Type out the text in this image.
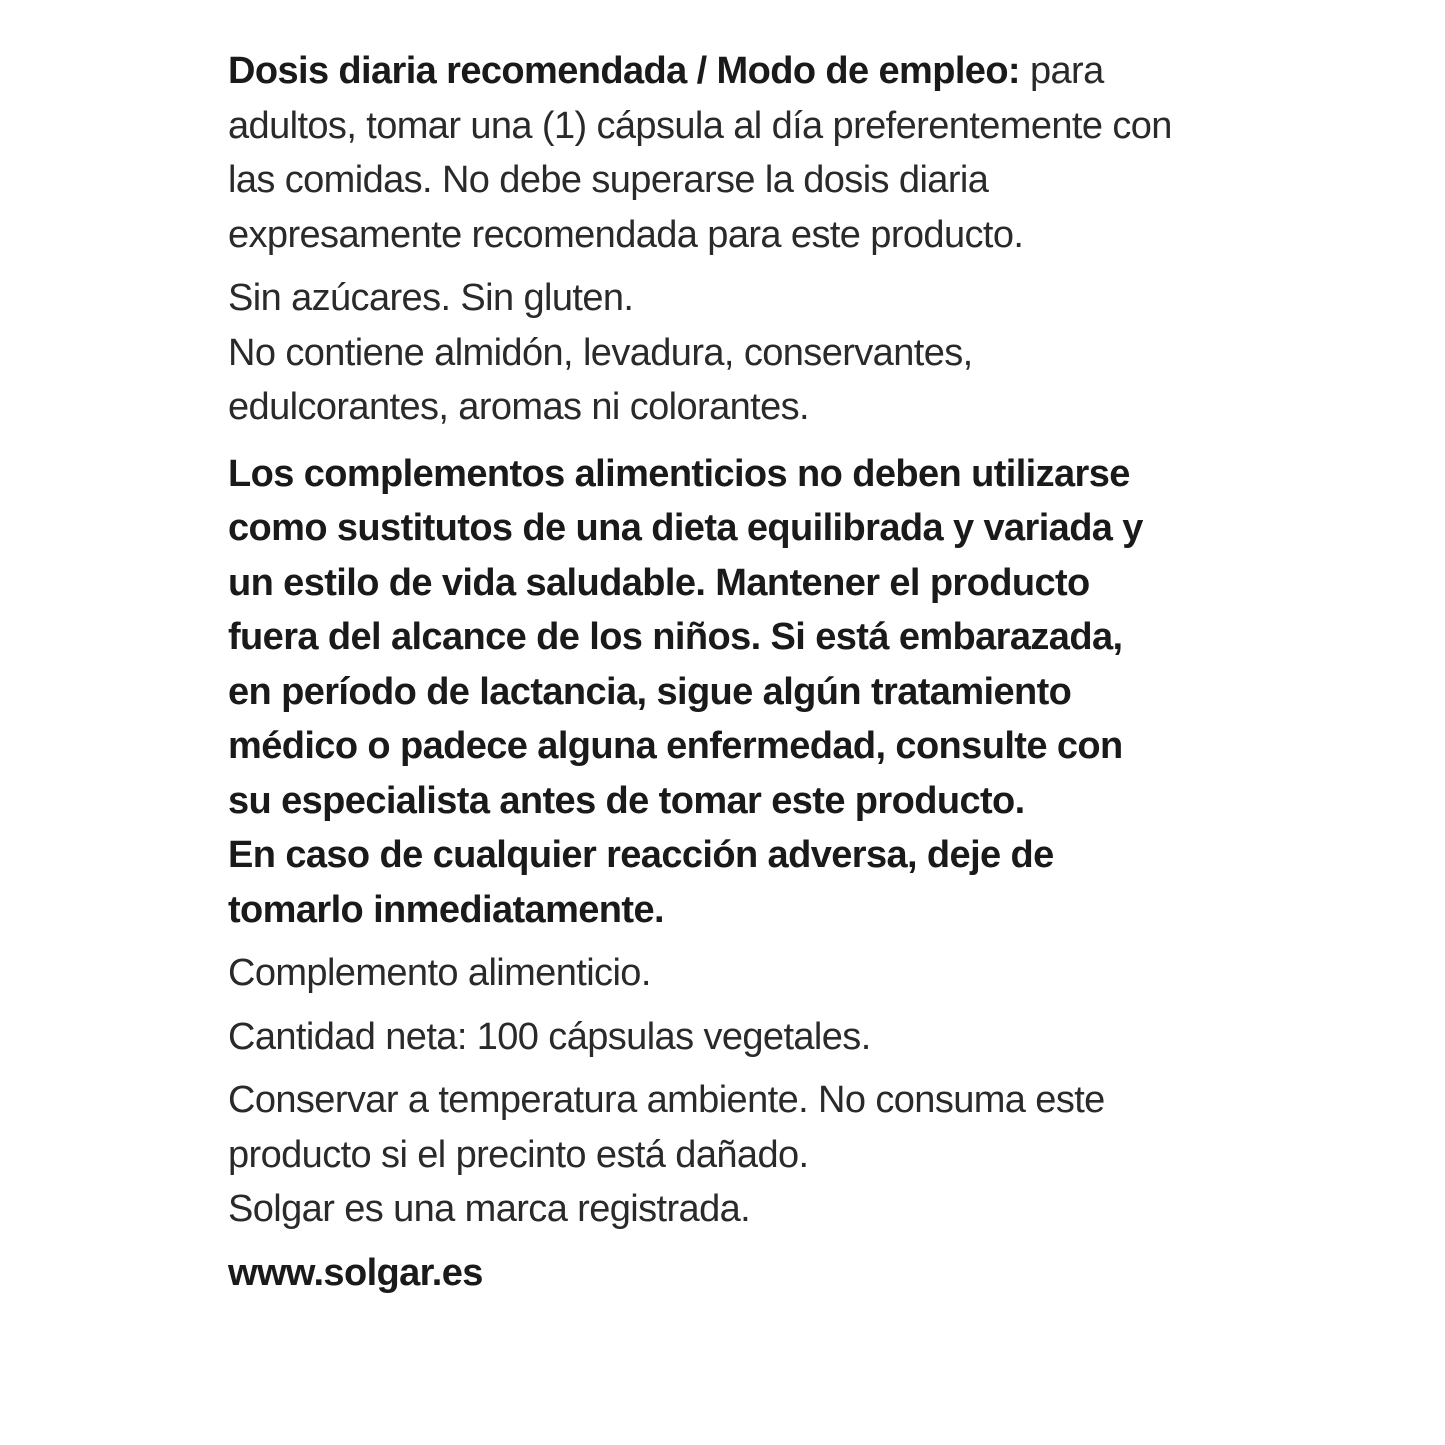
Dosis diaria recomendada / Modo de empleo: para

adultos, tomar una (1) cápsula al día preferentemente con

las comidas. No debe superarse la dosis diaria

expresamente recomendada para este producto.

Sin azúcares. Sin gluten.

No contiene almidón, levadura, conservantes,

edulcorantes, aromas ni colorantes.

Los complementos alimenticios no deben utilizarse

como sustitutos de una dieta equilibrada y variada y

un estilo de vida saludable. Mantener el producto

fuera del alcance de los niños. Si está embarazada,

en período de lactancia, sigue algún tratamiento

médico o padece alguna enfermedad, consulte con

su especialista antes de tomar este producto.

En caso de cualquier reacción adversa, deje de

tomarlo inmediatamente.

Complemento alimenticio.

Cantidad neta: 100 cápsulas vegetales.

Conservar a temperatura ambiente. No consuma este

producto si el precinto está dañado.

Solgar es una marca registrada.

www.solgar.es
